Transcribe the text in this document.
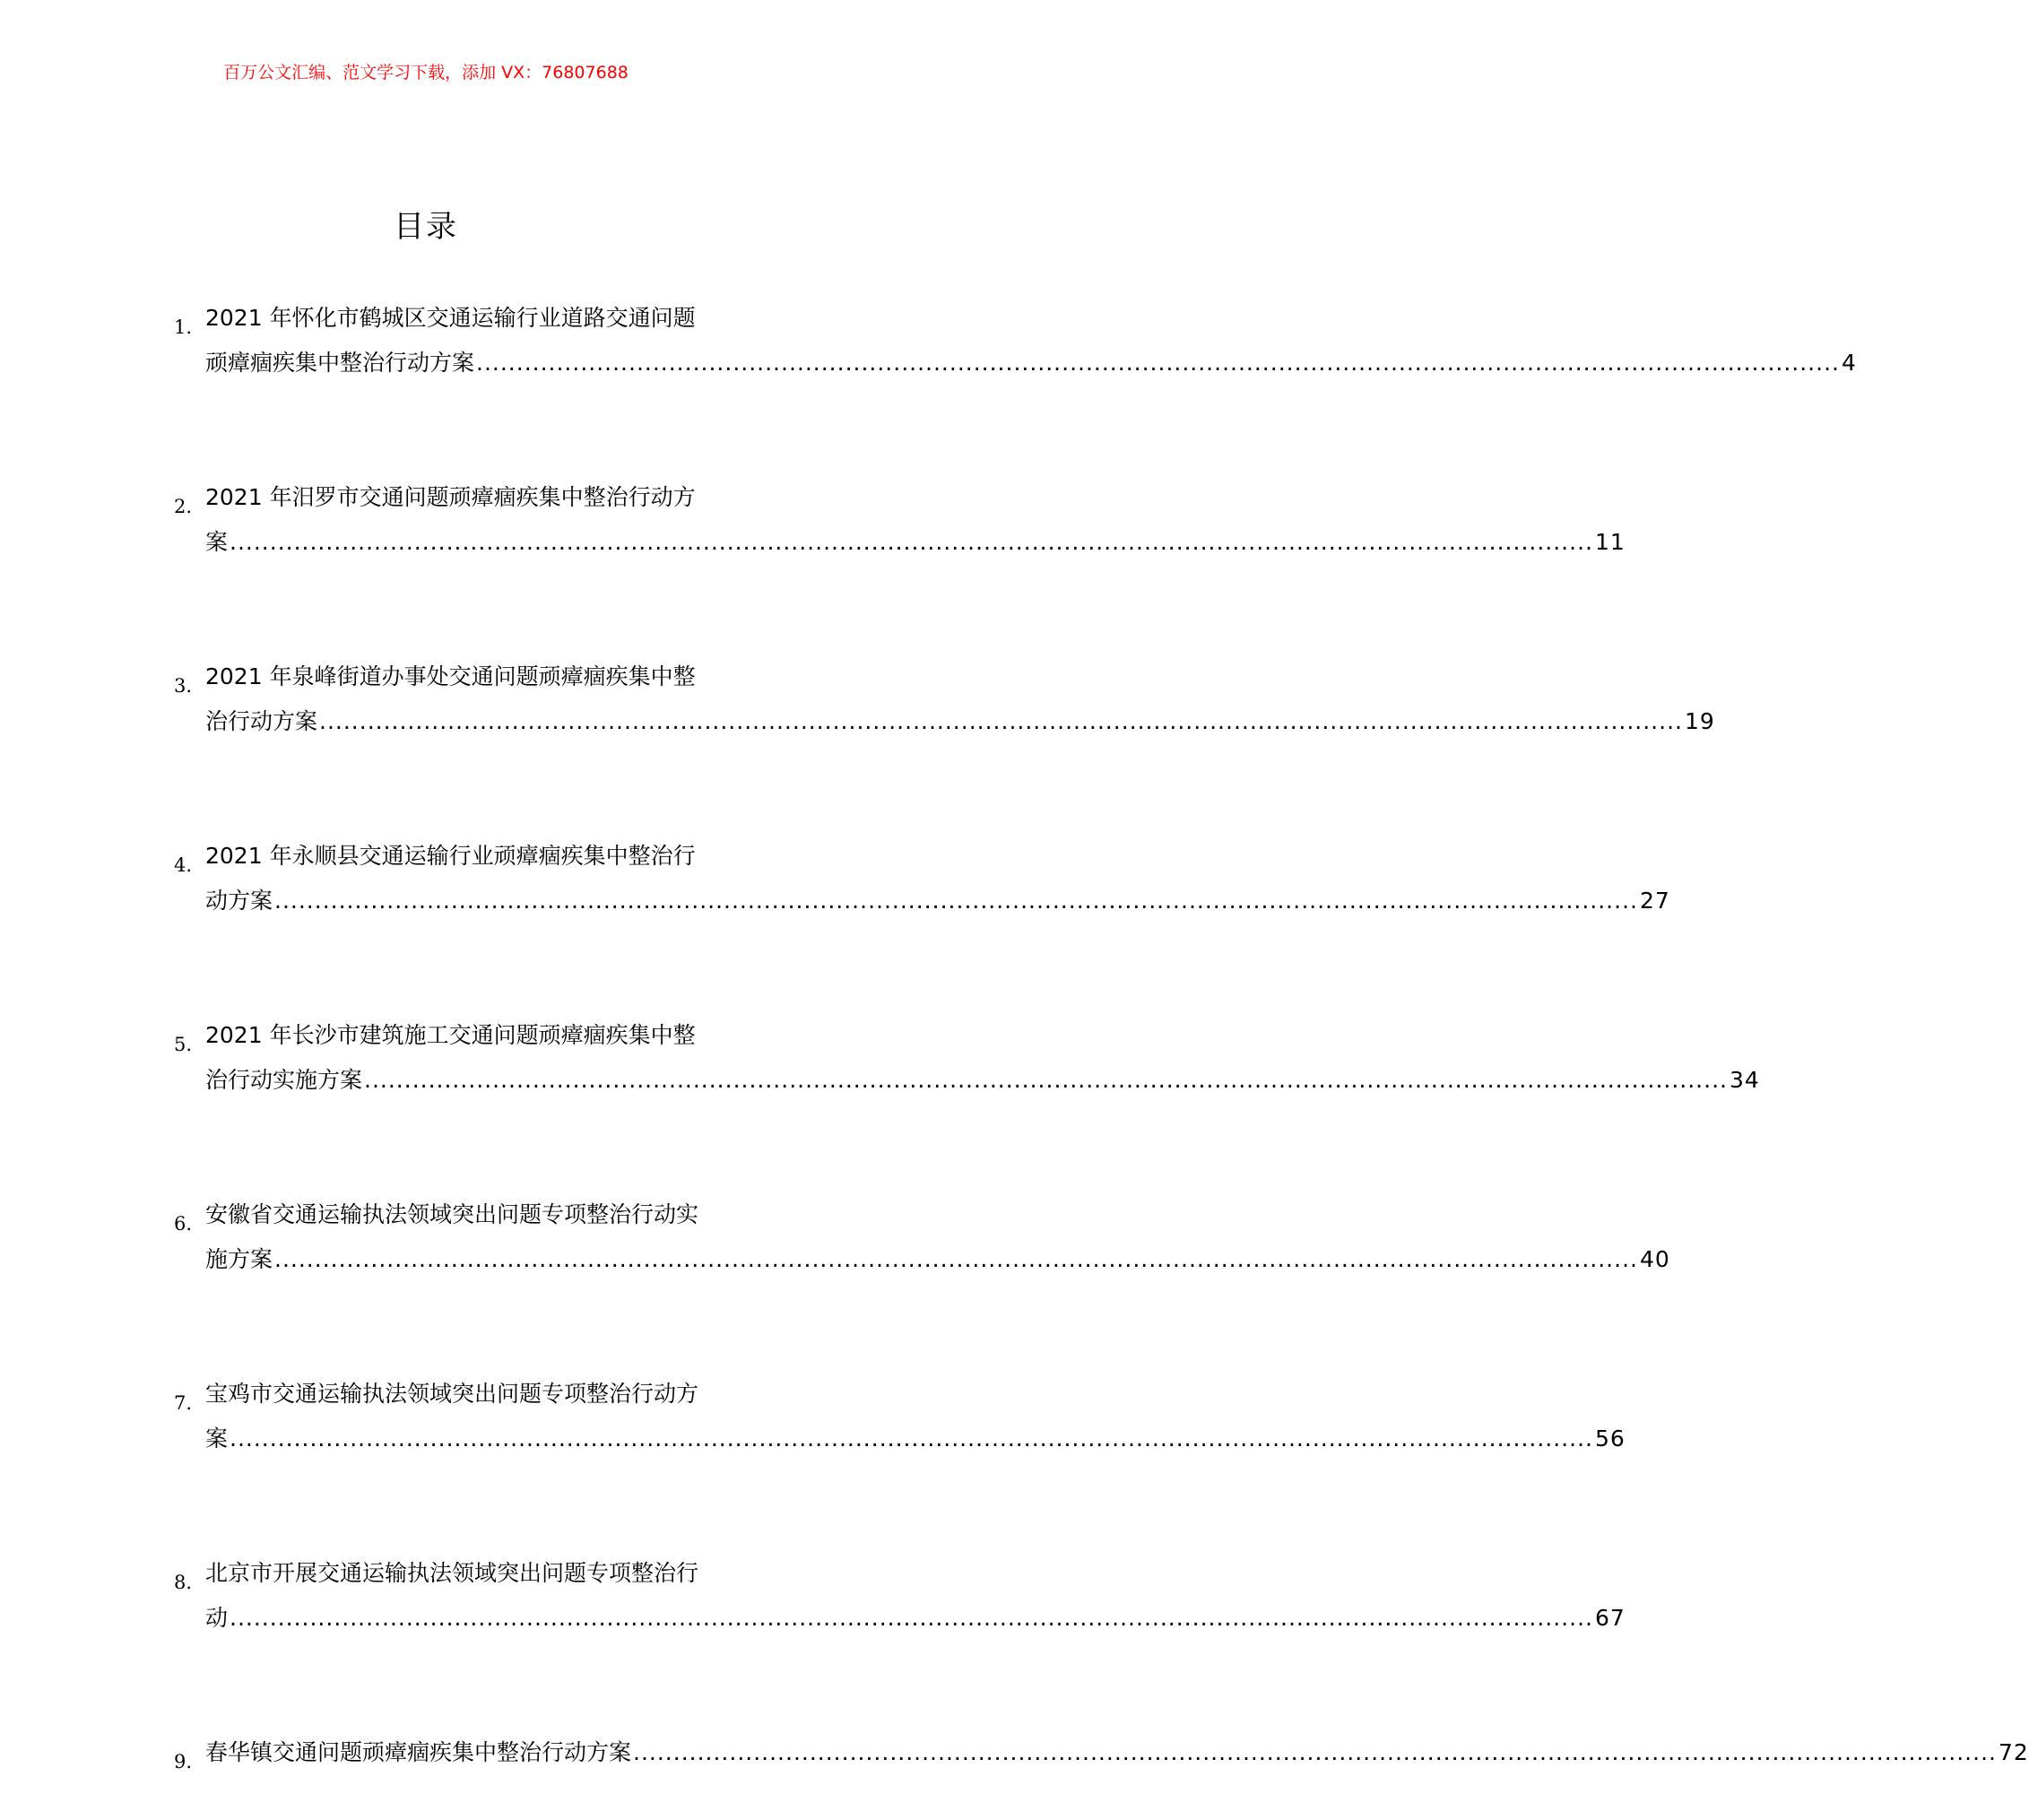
百万公文汇编、范文学习下载，添加 VX：76807688
目录
1. 2021 年怀化市鹤城区交通运输行业道路交通问题
顽瘴痼疾集中整治行动方案 .......................................................................................................................................................................... 4
2. 2021 年汨罗市交通问题顽瘴痼疾集中整治行动方
案 .......................................................................................................................................................................... 11
3. 2021 年泉峰街道办事处交通问题顽瘴痼疾集中整
治行动方案 .......................................................................................................................................................................... 19
4. 2021 年永顺县交通运输行业顽瘴痼疾集中整治行
动方案 .......................................................................................................................................................................... 27
5. 2021 年长沙市建筑施工交通问题顽瘴痼疾集中整
治行动实施方案 .......................................................................................................................................................................... 34
6. 安徽省交通运输执法领域突出问题专项整治行动实
施方案 .......................................................................................................................................................................... 40
7. 宝鸡市交通运输执法领域突出问题专项整治行动方
案 .......................................................................................................................................................................... 56
8. 北京市开展交通运输执法领域突出问题专项整治行
动 .......................................................................................................................................................................... 67
9. 春华镇交通问题顽瘴痼疾集中整治行动方案 .......................................................................................................................................................................... 72
